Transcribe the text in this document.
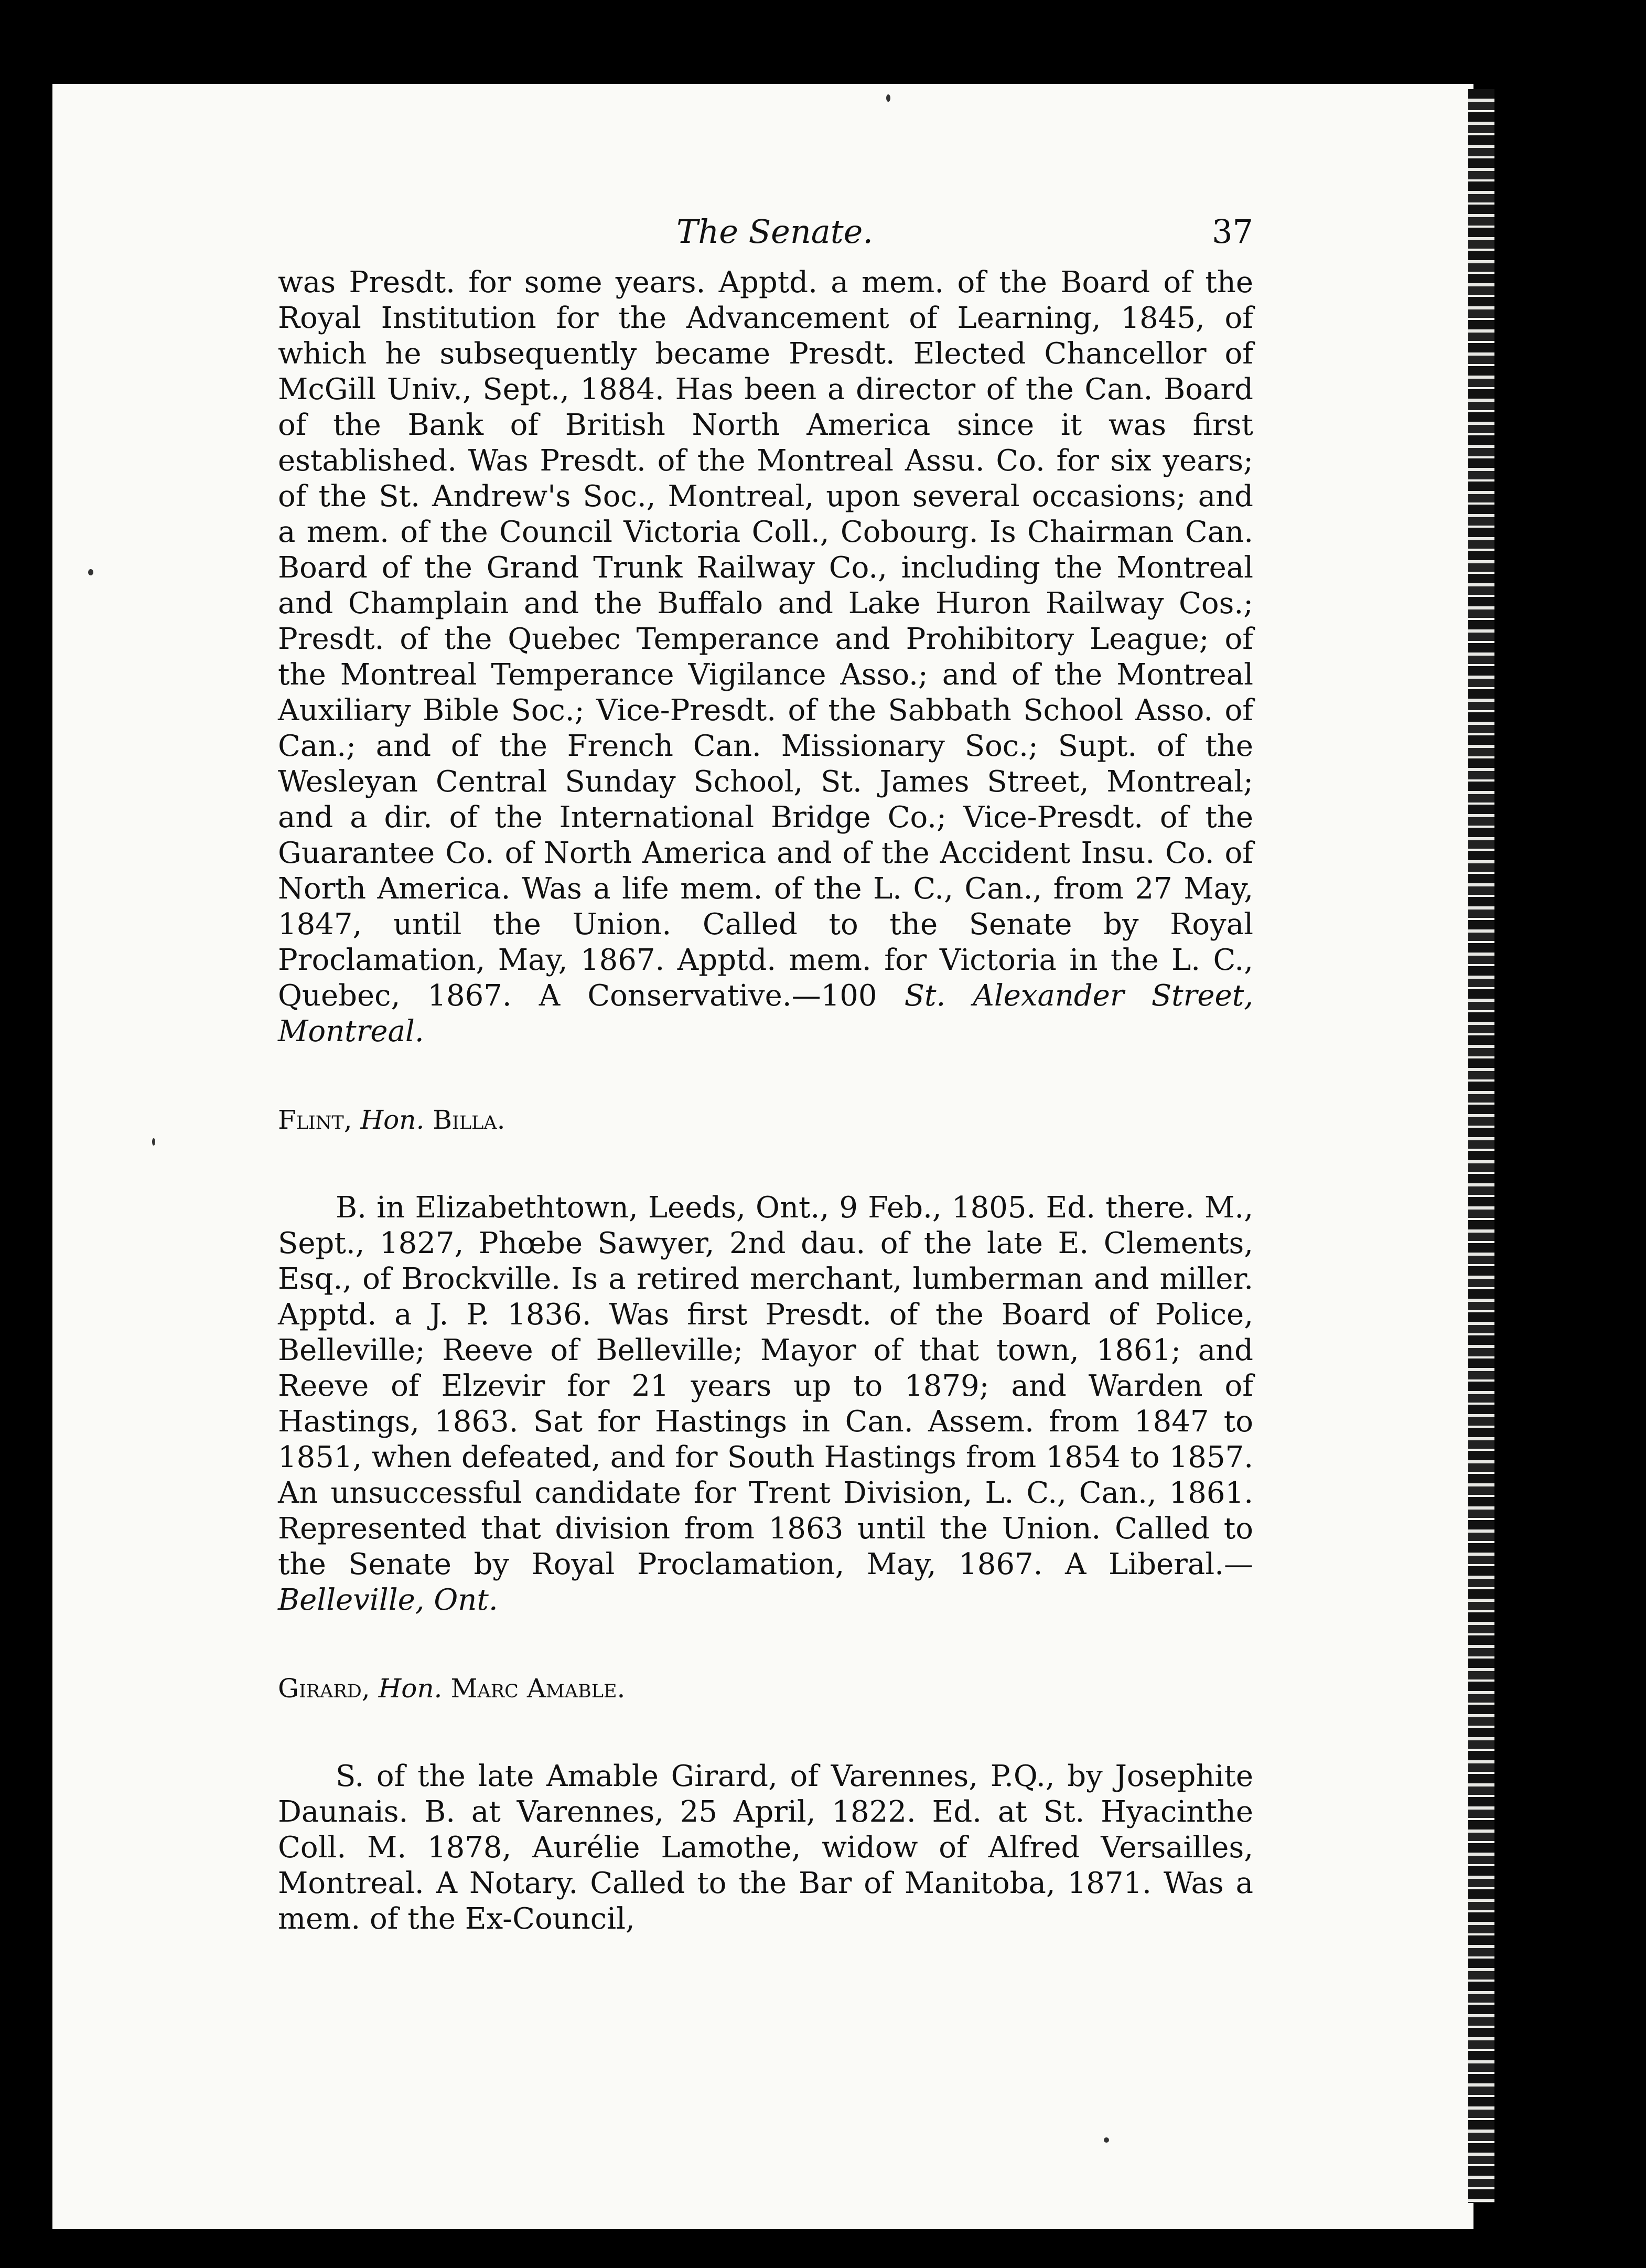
The Senate.	37

was Presdt. for some years. Apptd. a mem. of the Board of the Royal Institution for the Advancement of Learning, 1845, of which he subsequently became Presdt. Elected Chancellor of McGill Univ., Sept., 1884. Has been a director of the Can. Board of the Bank of British North America since it was first established. Was Presdt. of the Montreal Assu. Co. for six years; of the St. Andrew's Soc., Montreal, upon several occasions; and a mem. of the Council Victoria Coll., Cobourg. Is Chairman Can. Board of the Grand Trunk Railway Co., including the Montreal and Champlain and the Buffalo and Lake Huron Railway Cos.; Presdt. of the Quebec Temperance and Prohibitory League; of the Montreal Temperance Vigilance Asso.; and of the Montreal Auxiliary Bible Soc.; Vice-Presdt. of the Sabbath School Asso. of Can.; and of the French Can. Missionary Soc.; Supt. of the Wesleyan Central Sunday School, St. James Street, Montreal; and a dir. of the International Bridge Co.; Vice-Presdt. of the Guarantee Co. of North America and of the Accident Insu. Co. of North America. Was a life mem. of the L. C., Can., from 27 May, 1847, until the Union. Called to the Senate by Royal Proclamation, May, 1867. Apptd. mem. for Victoria in the L. C., Quebec, 1867. A Conservative.—100 St. Alexander Street, Montreal.

Flint, Hon. Billa.

B. in Elizabethtown, Leeds, Ont., 9 Feb., 1805. Ed. there. M., Sept., 1827, Phœbe Sawyer, 2nd dau. of the late E. Clements, Esq., of Brockville. Is a retired merchant, lumberman and miller. Apptd. a J. P. 1836. Was first Presdt. of the Board of Police, Belleville; Reeve of Belleville; Mayor of that town, 1861; and Reeve of Elzevir for 21 years up to 1879; and Warden of Hastings, 1863. Sat for Hastings in Can. Assem. from 1847 to 1851, when defeated, and for South Hastings from 1854 to 1857. An unsuccessful candidate for Trent Division, L. C., Can., 1861. Represented that division from 1863 until the Union. Called to the Senate by Royal Proclamation, May, 1867. A Liberal.—Belleville, Ont.

Girard, Hon. Marc Amable.

S. of the late Amable Girard, of Varennes, P.Q., by Josephite Daunais. B. at Varennes, 25 April, 1822. Ed. at St. Hyacinthe Coll. M. 1878, Aurélie Lamothe, widow of Alfred Versailles, Montreal. A Notary. Called to the Bar of Manitoba, 1871. Was a mem. of the Ex-Council,
